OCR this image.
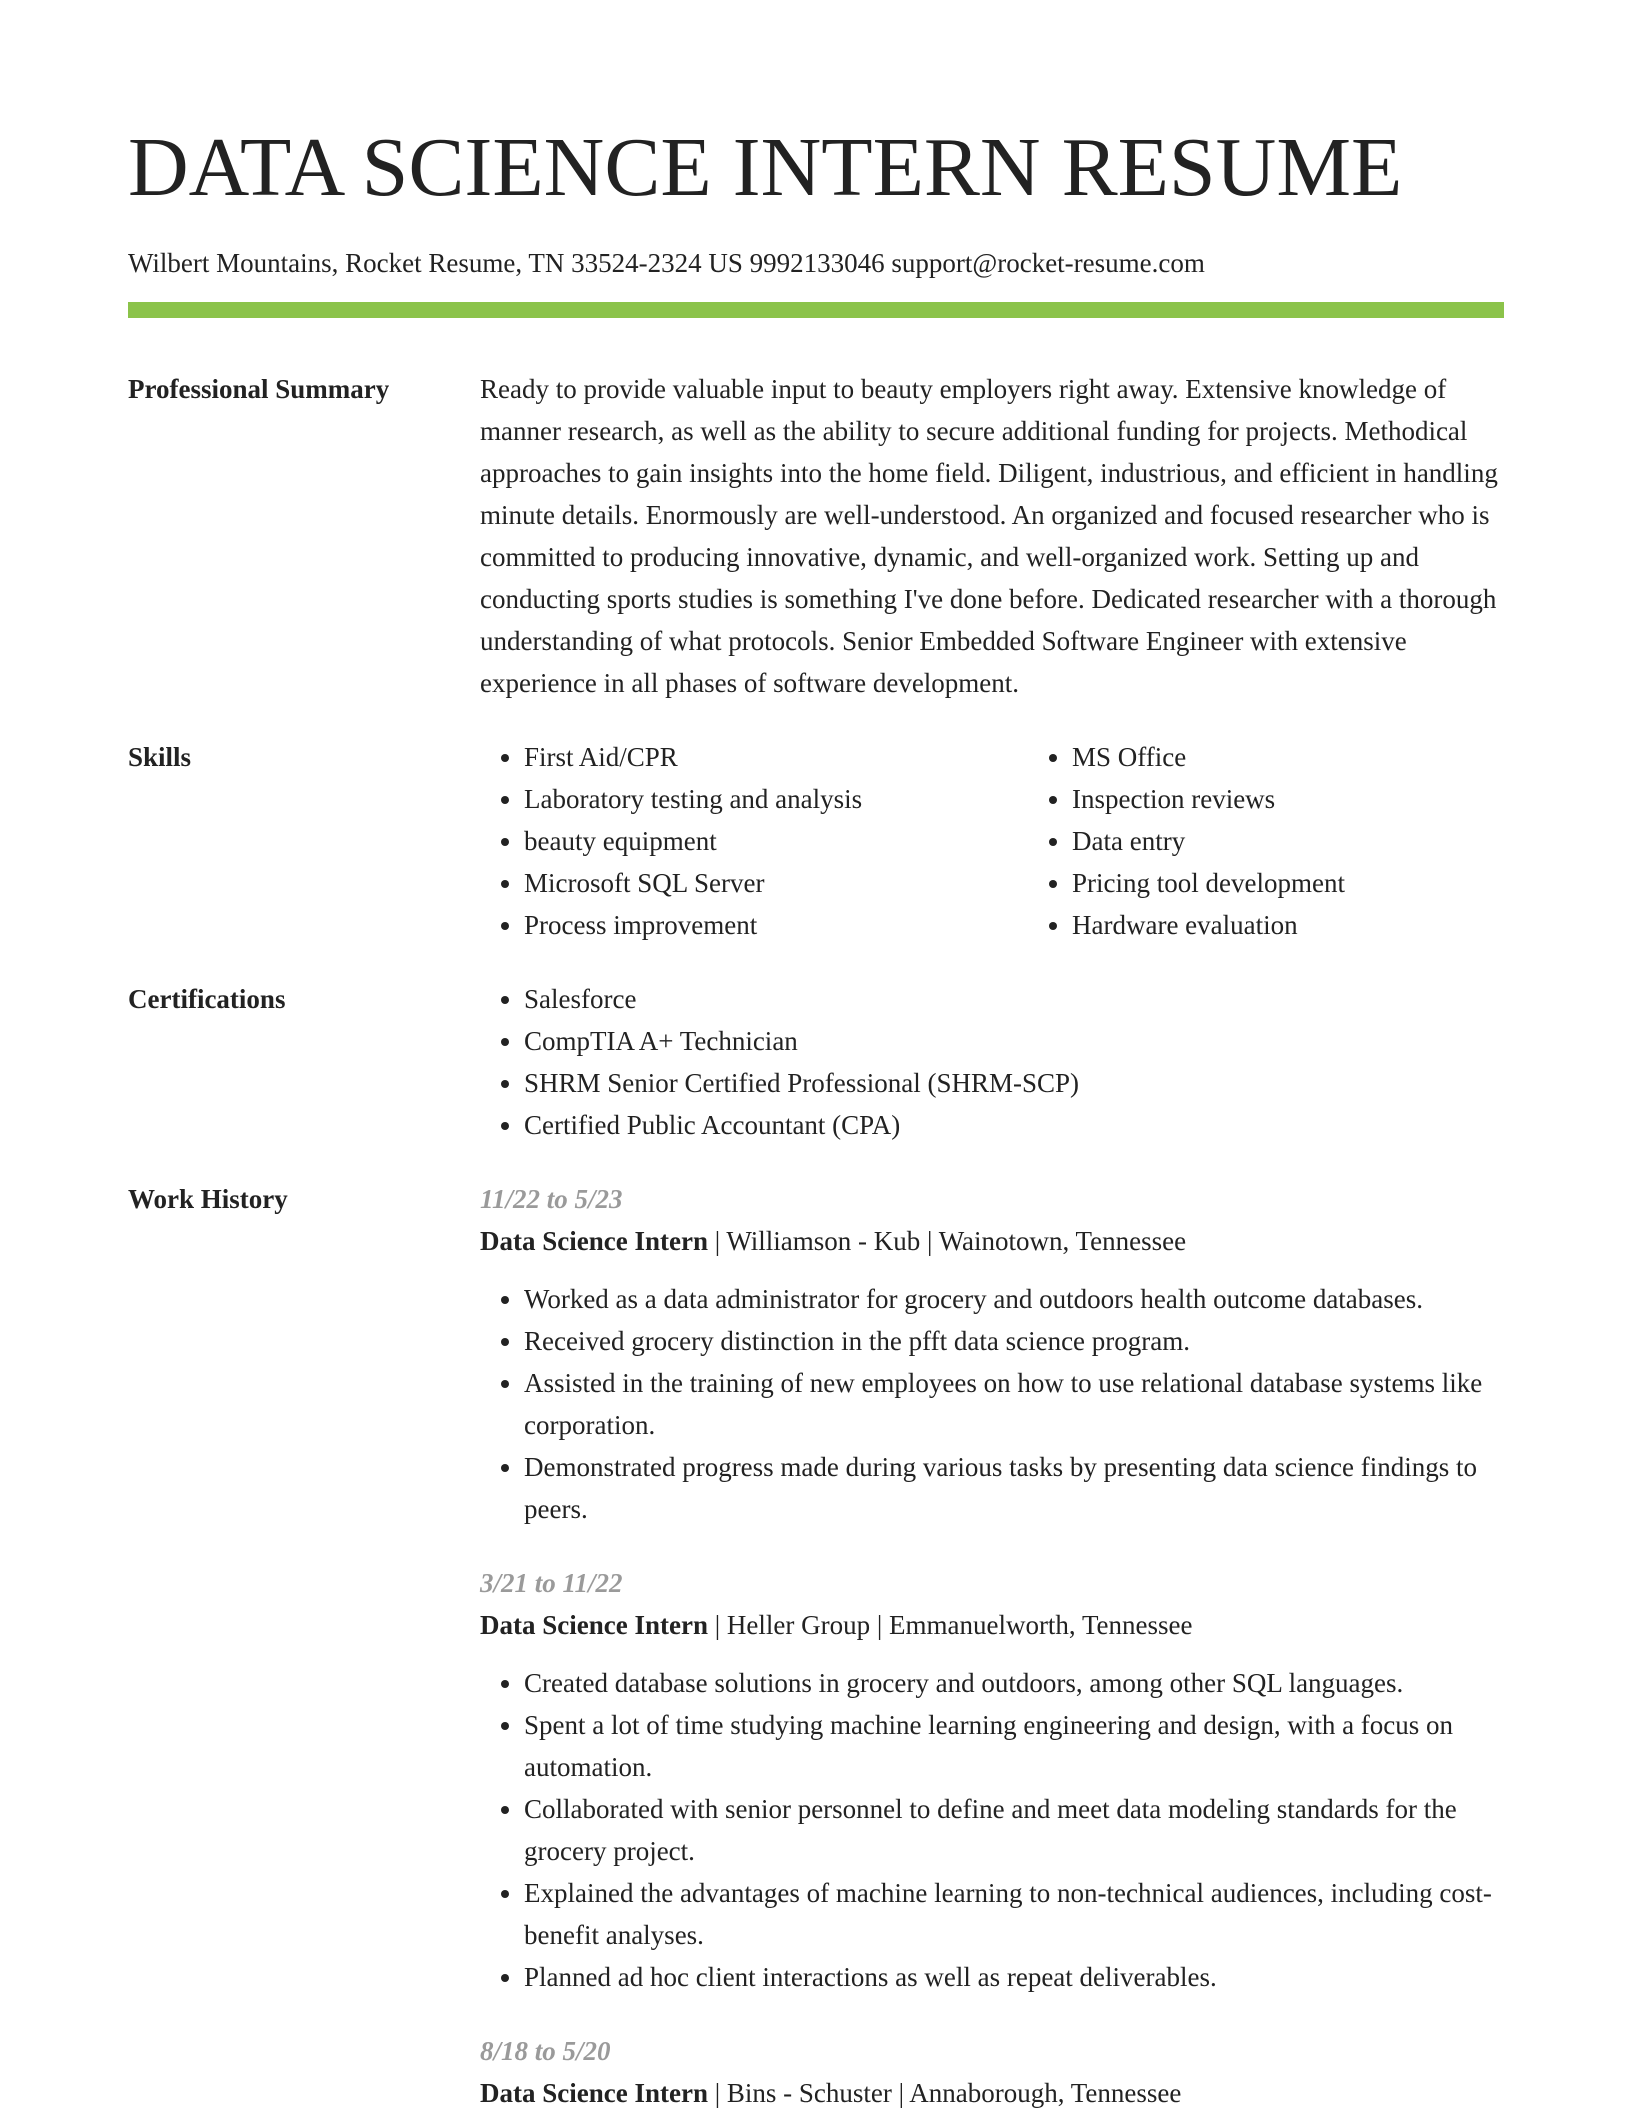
DATA SCIENCE INTERN RESUME
Wilbert Mountains, Rocket Resume, TN 33524-2324 US 9992133046 support@rocket-resume.com
Professional Summary	Ready to provide valuable input to beauty employers right away. Extensive knowledge of manner research, as well as the ability to secure additional funding for projects. Methodical approaches to gain insights into the home field. Diligent, industrious, and efficient in handling minute details. Enormously are well-understood. An organized and focused researcher who is committed to producing innovative, dynamic, and well-organized work. Setting up and conducting sports studies is something I've done before. Dedicated researcher with a thorough understanding of what protocols. Senior Embedded Software Engineer with extensive experience in all phases of software development.

Skills	• First Aid/CPR
• Laboratory testing and analysis
• beauty equipment
• Microsoft SQL Server
• Process improvement
• MS Office
• Inspection reviews
• Data entry
• Pricing tool development
• Hardware evaluation
Certifications	• Salesforce
• CompTIA A+ Technician
• SHRM Senior Certified Professional (SHRM-SCP)
• Certified Public Accountant (CPA)
Work History	11/22 to 5/23
Data Science Intern | Williamson - Kub | Wainotown, Tennessee
• Worked as a data administrator for grocery and outdoors health outcome databases.
• Received grocery distinction in the pfft data science program.
• Assisted in the training of new employees on how to use relational database systems like corporation.
• Demonstrated progress made during various tasks by presenting data science findings to peers.
3/21 to 11/22
Data Science Intern | Heller Group | Emmanuelworth, Tennessee
• Created database solutions in grocery and outdoors, among other SQL languages.
• Spent a lot of time studying machine learning engineering and design, with a focus on automation.
• Collaborated with senior personnel to define and meet data modeling standards for the grocery project.
• Explained the advantages of machine learning to non-technical audiences, including cost-benefit analyses.
• Planned ad hoc client interactions as well as repeat deliverables.
8/18 to 5/20
Data Science Intern | Bins - Schuster | Annaborough, Tennessee
